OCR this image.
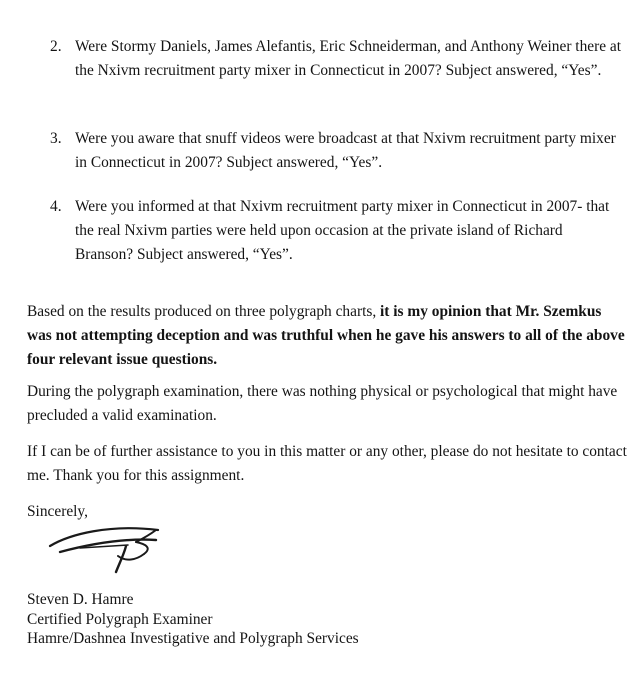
2. Were Stormy Daniels, James Alefantis, Eric Schneiderman, and Anthony Weiner there at the Nxivm recruitment party mixer in Connecticut in 2007? Subject answered, “Yes”.
3. Were you aware that snuff videos were broadcast at that Nxivm recruitment party mixer in Connecticut in 2007? Subject answered, “Yes”.
4. Were you informed at that Nxivm recruitment party mixer in Connecticut in 2007- that the real Nxivm parties were held upon occasion at the private island of Richard Branson? Subject answered, “Yes”.
Based on the results produced on three polygraph charts, it is my opinion that Mr. Szemkus was not attempting deception and was truthful when he gave his answers to all of the above four relevant issue questions.
During the polygraph examination, there was nothing physical or psychological that might have precluded a valid examination.
If I can be of further assistance to you in this matter or any other, please do not hesitate to contact me. Thank you for this assignment.
Sincerely,
Steven D. Hamre
Certified Polygraph Examiner
Hamre/Dashnea Investigative and Polygraph Services
